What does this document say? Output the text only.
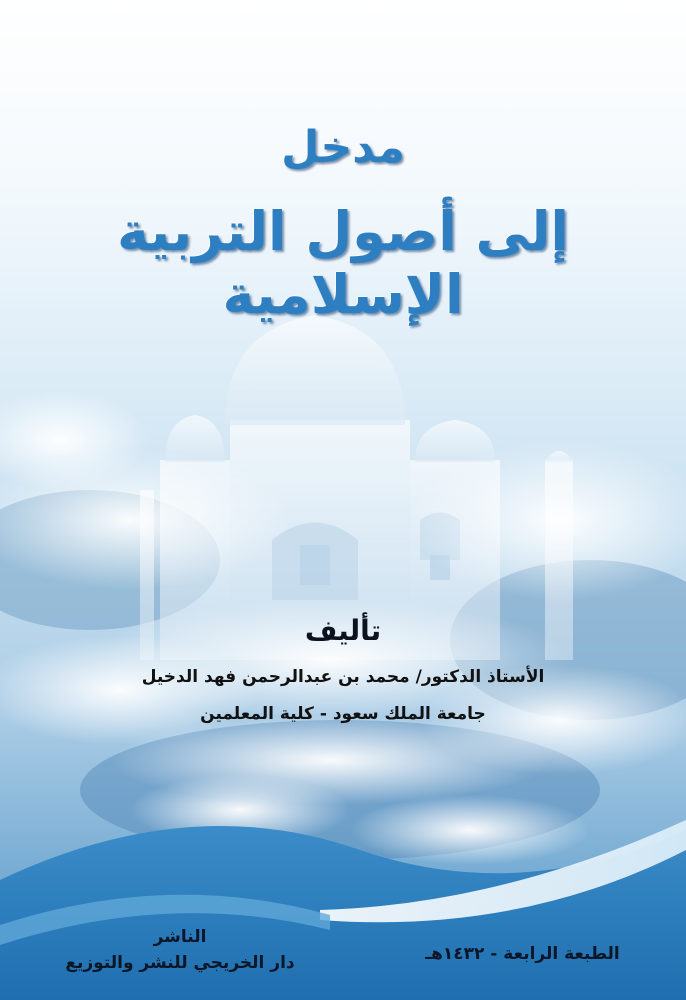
مدخل
إلى أصول التربية الإسلامية
تأليف
الأستاذ الدكتور/ محمد بن عبدالرحمن فهد الدخيل
جامعة الملك سعود - كلية المعلمين
الناشر
دار الخريجي للنشر والتوزيع	الطبعة الرابعة - ١٤٣٢هـ
